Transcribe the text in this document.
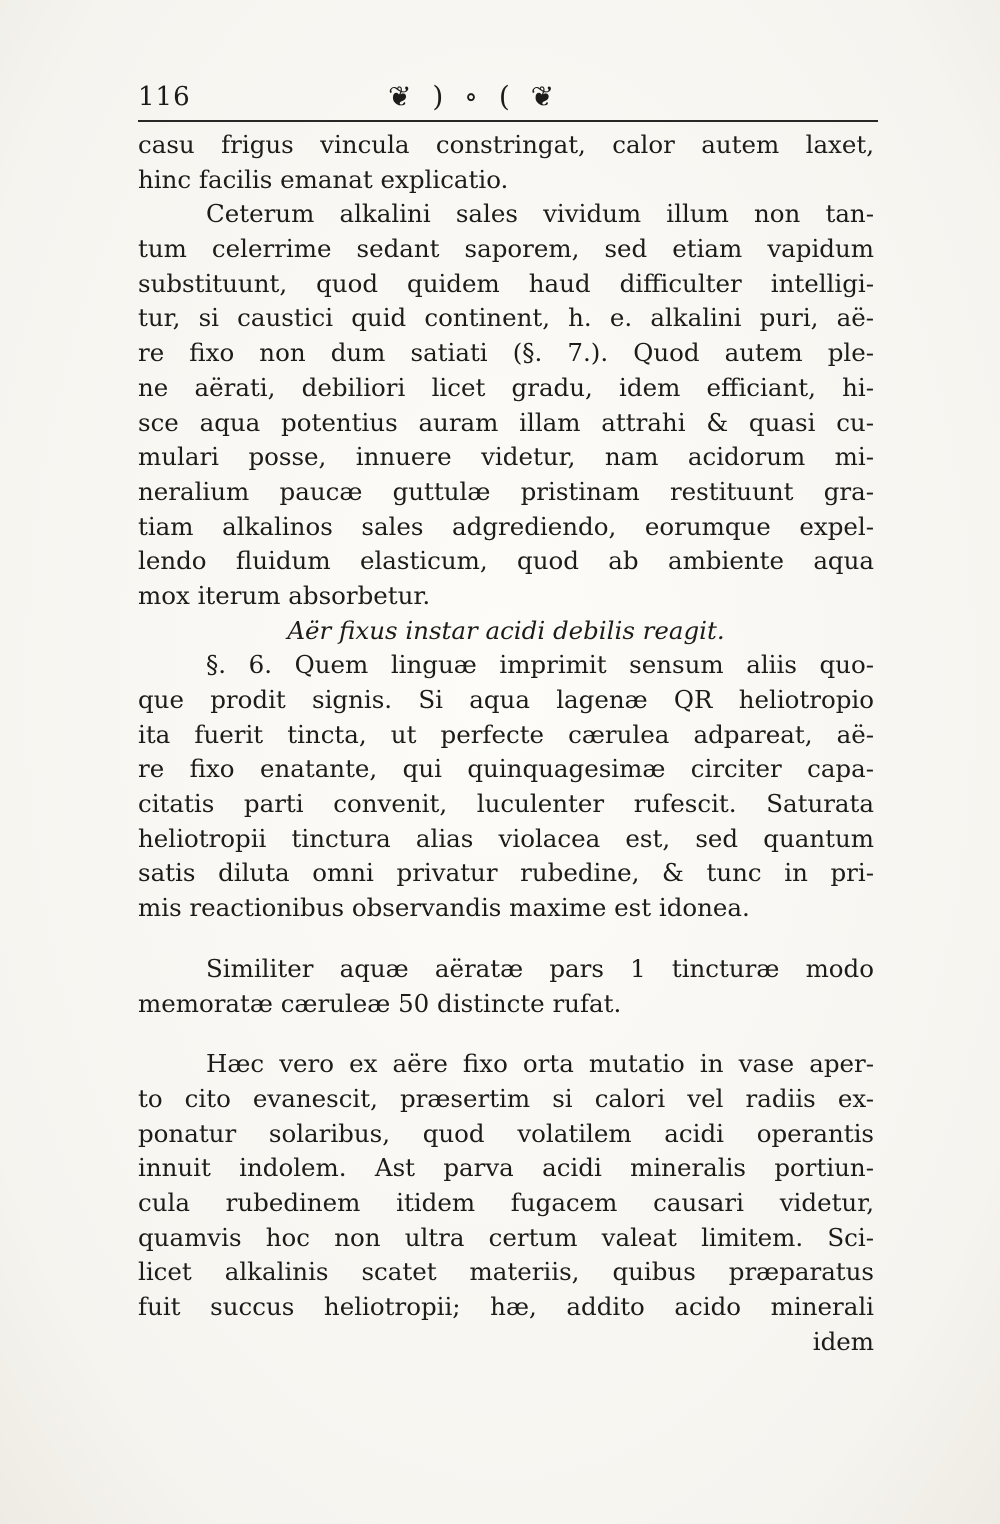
116	❦ ) ∘ ( ❦
casu frigus vincula constringat, calor autem laxet,
hinc facilis emanat explicatio.
Ceterum alkalini sales vividum illum non tan-
tum celerrime sedant saporem, sed etiam vapidum
substituunt, quod quidem haud difficulter intelligi-
tur, si caustici quid continent, h. e. alkalini puri, aë-
re fixo non dum satiati (§. 7.). Quod autem ple-
ne aërati, debiliori licet gradu, idem efficiant, hi-
sce aqua potentius auram illam attrahi & quasi cu-
mulari posse, innuere videtur, nam acidorum mi-
neralium paucæ guttulæ pristinam restituunt gra-
tiam alkalinos sales adgrediendo, eorumque expel-
lendo fluidum elasticum, quod ab ambiente aqua
mox iterum absorbetur.
Aër fixus instar acidi debilis reagit.
§. 6. Quem linguæ imprimit sensum aliis quo-
que prodit signis. Si aqua lagenæ QR heliotropio
ita fuerit tincta, ut perfecte cærulea adpareat, aë-
re fixo enatante, qui quinquagesimæ circiter capa-
citatis parti convenit, luculenter rufescit. Saturata
heliotropii tinctura alias violacea est, sed quantum
satis diluta omni privatur rubedine, & tunc in pri-
mis reactionibus observandis maxime est idonea.
Similiter aquæ aëratæ pars 1 tincturæ modo
memoratæ cæruleæ 50 distincte rufat.
Hæc vero ex aëre fixo orta mutatio in vase aper-
to cito evanescit, præsertim si calori vel radiis ex-
ponatur solaribus, quod volatilem acidi operantis
innuit indolem. Ast parva acidi mineralis portiun-
cula rubedinem itidem fugacem causari videtur,
quamvis hoc non ultra certum valeat limitem. Sci-
licet alkalinis scatet materiis, quibus præparatus
fuit succus heliotropii; hæ, addito acido minerali
idem
